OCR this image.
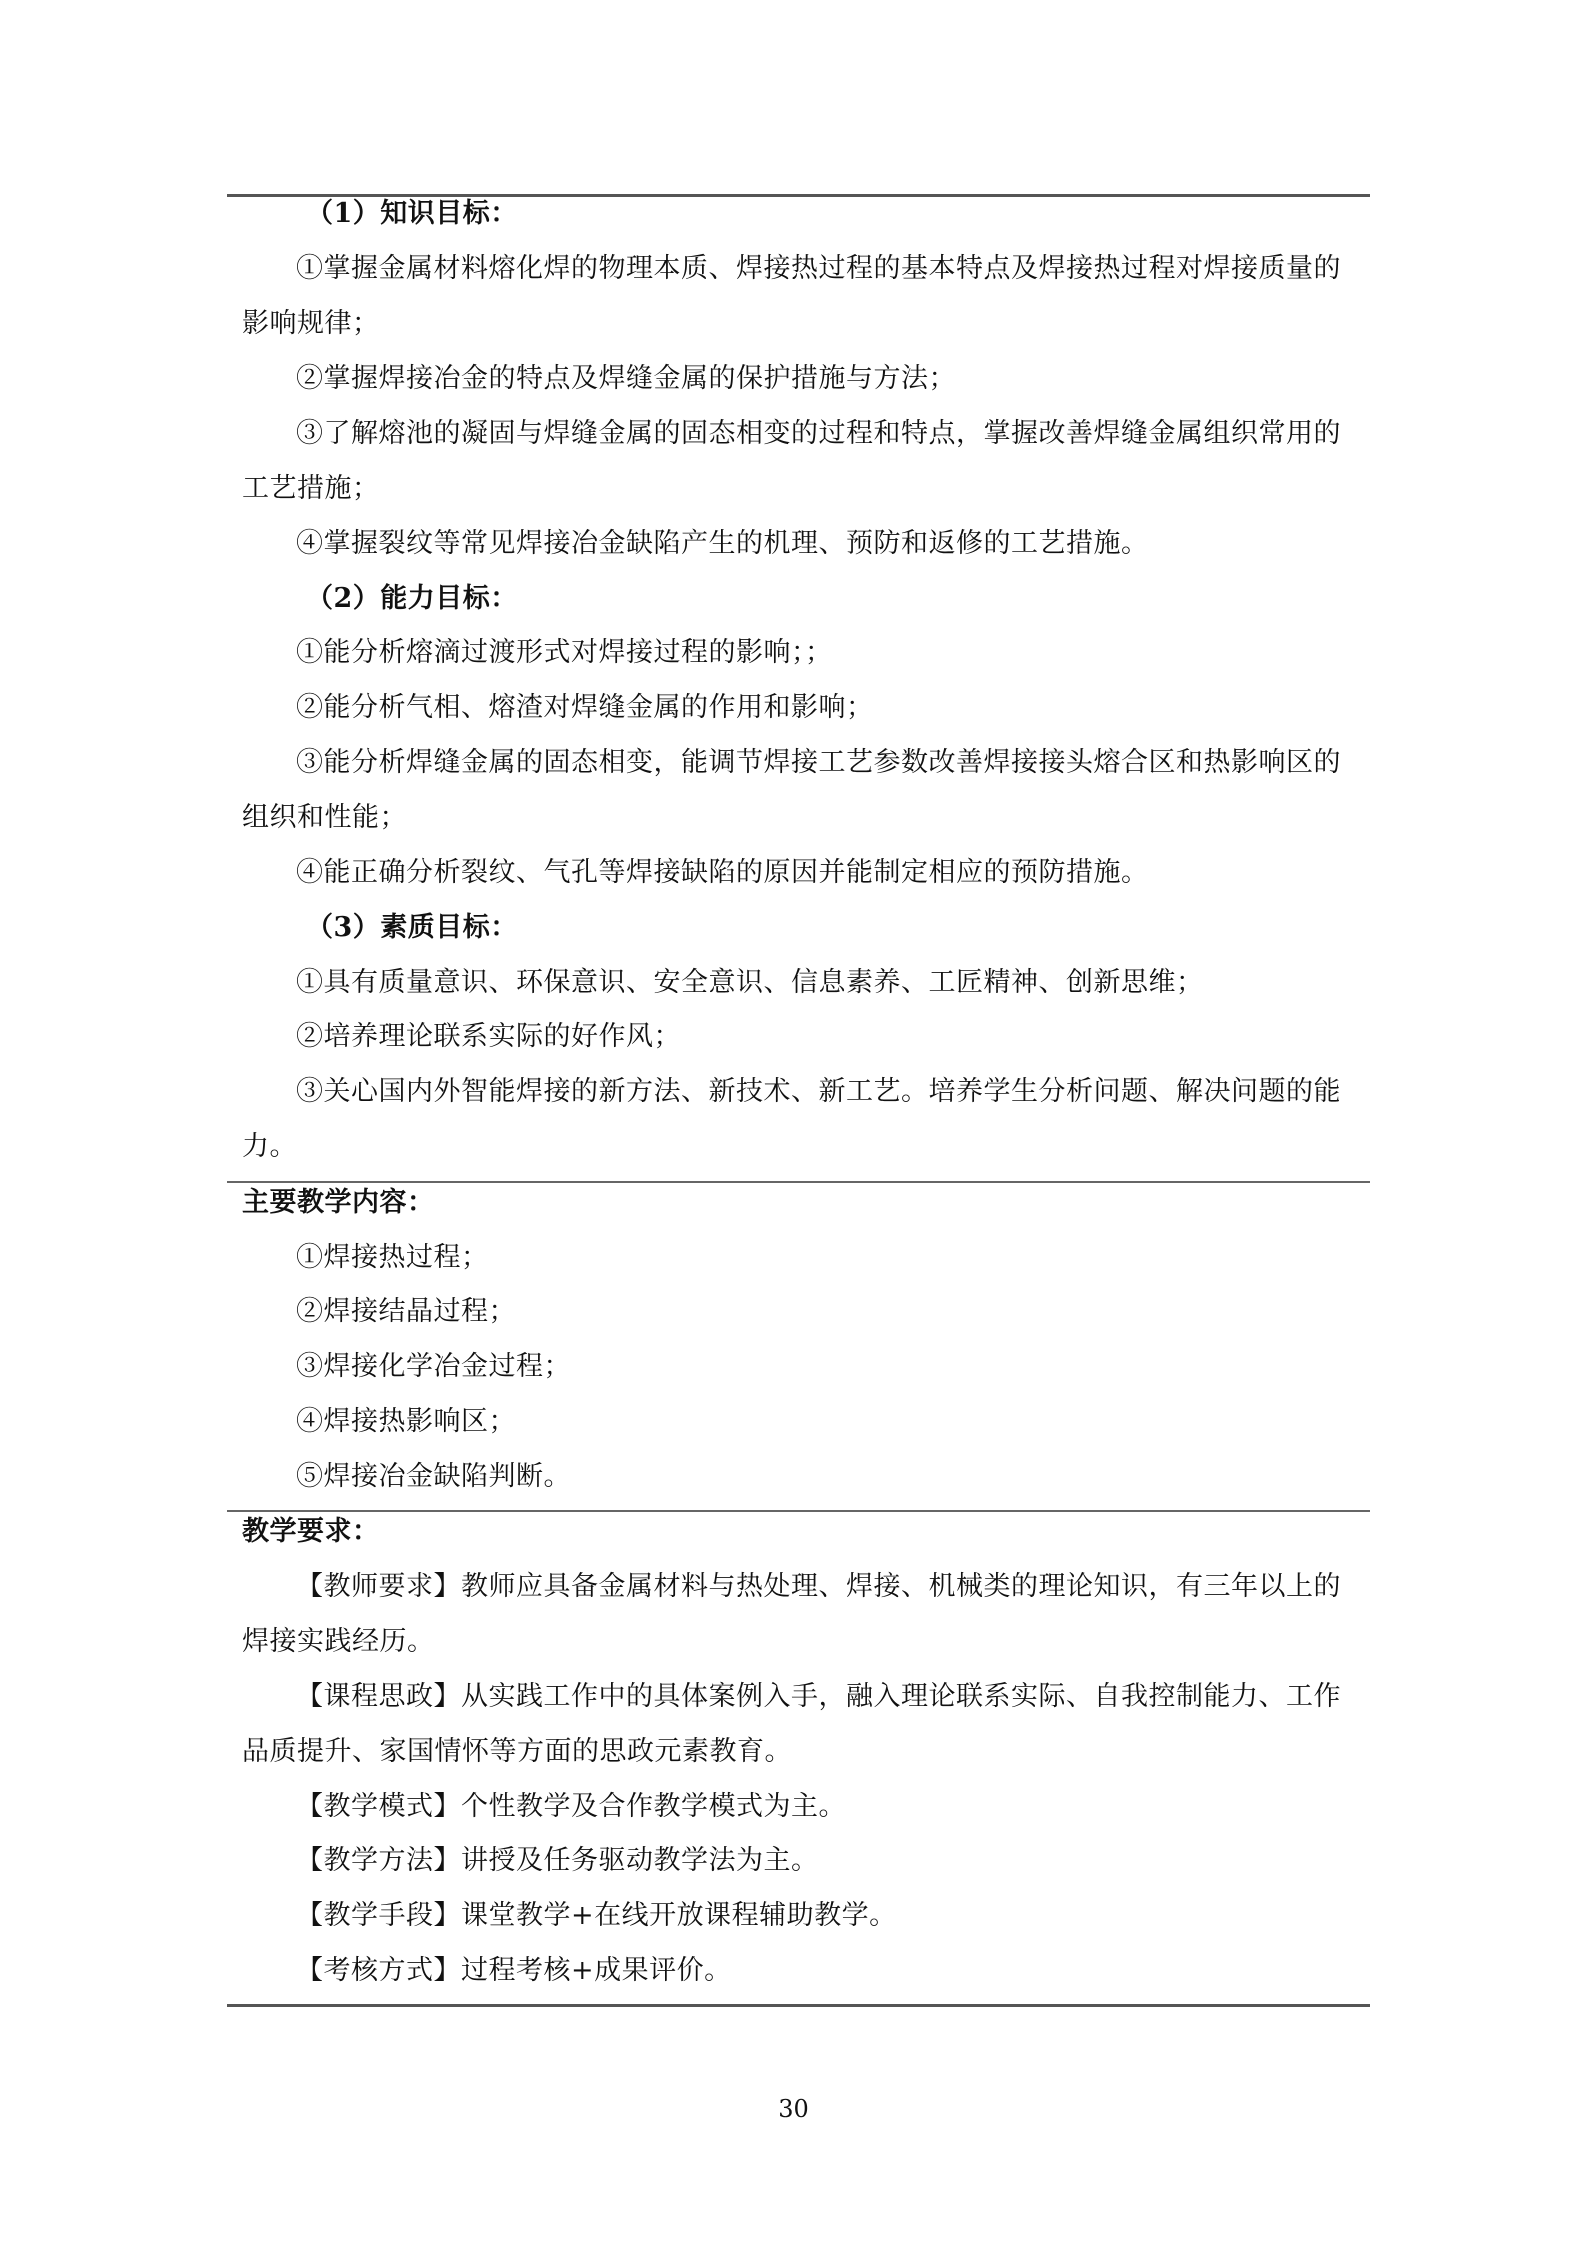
（1）知识目标：
①掌握金属材料熔化焊的物理本质、焊接热过程的基本特点及焊接热过程对焊接质量的
影响规律；
②掌握焊接冶金的特点及焊缝金属的保护措施与方法；
③了解熔池的凝固与焊缝金属的固态相变的过程和特点，掌握改善焊缝金属组织常用的
工艺措施；
④掌握裂纹等常见焊接冶金缺陷产生的机理、预防和返修的工艺措施。
（2）能力目标：
①能分析熔滴过渡形式对焊接过程的影响；；
②能分析气相、熔渣对焊缝金属的作用和影响；
③能分析焊缝金属的固态相变，能调节焊接工艺参数改善焊接接头熔合区和热影响区的
组织和性能；
④能正确分析裂纹、气孔等焊接缺陷的原因并能制定相应的预防措施。
（3）素质目标：
①具有质量意识、环保意识、安全意识、信息素养、工匠精神、创新思维；
②培养理论联系实际的好作风；
③关心国内外智能焊接的新方法、新技术、新工艺。培养学生分析问题、解决问题的能
力。
主要教学内容：
①焊接热过程；
②焊接结晶过程；
③焊接化学冶金过程；
④焊接热影响区；
⑤焊接冶金缺陷判断。
教学要求：
【教师要求】教师应具备金属材料与热处理、焊接、机械类的理论知识，有三年以上的
焊接实践经历。
【课程思政】从实践工作中的具体案例入手，融入理论联系实际、自我控制能力、工作
品质提升、家国情怀等方面的思政元素教育。
【教学模式】个性教学及合作教学模式为主。
【教学方法】讲授及任务驱动教学法为主。
【教学手段】课堂教学+在线开放课程辅助教学。
【考核方式】过程考核+成果评价。
30
